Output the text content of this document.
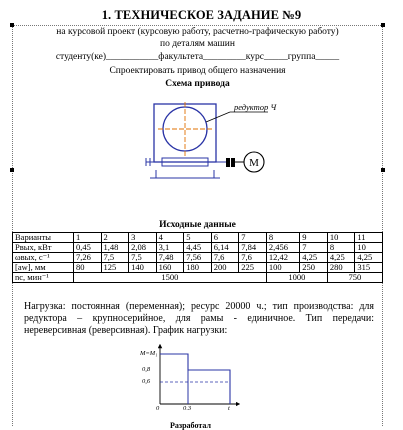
1. ТЕХНИЧЕСКОЕ ЗАДАНИЕ №9
на курсовой проект (курсовую работу, расчетно-графическую работу)
по деталям машин
студенту(ке)___________факультета_________курс_____группа_____
Спроектировать привод общего назначения
Схема привода
М
редуктор Ч
Исходные данные
Варианты	1	2	3	4	5	6	7	8	9	10	11
Pвых, кВт	0,45	1,48	2,08	3,1	4,45	6,14	7,84	2,456	7	8	10
ωвых, с⁻¹	7,26	7,5	7,5	7,48	7,56	7,6	7,6	12,42	4,25	4,25	4,25
[aw], мм	80	125	140	160	180	200	225	100	250	280	315
nс, мин⁻¹	1500							1000		750	
Нагрузка: постоянная (переменная); ресурс 20000 ч.; тип производства: для редуктора – крупносерийное, для рамы - единичное. Тип передачи: нереверсивная (реверсивная). График нагрузки:
M=M₁
0,8
0,6
0	0,3	t
Разработал
